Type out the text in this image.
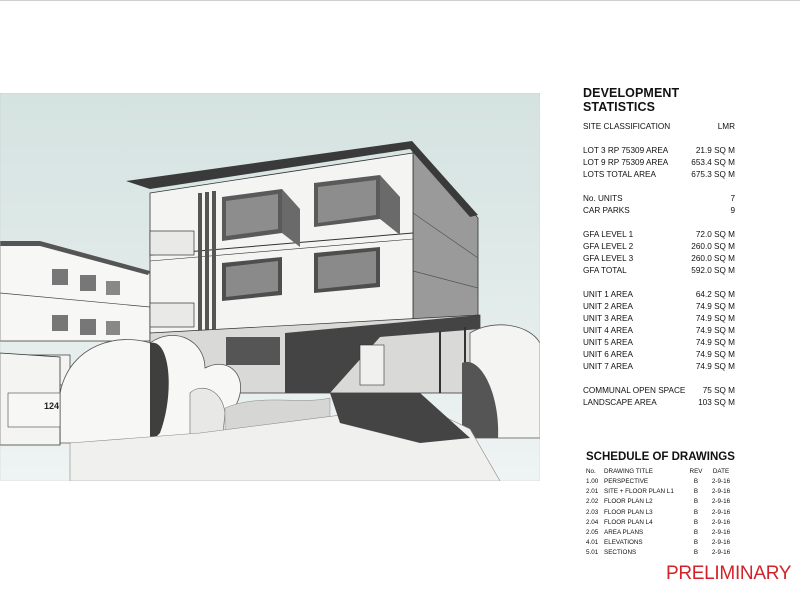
124
DEVELOPMENT STATISTICS
SITE CLASSIFICATION	LMR
LOT 3 RP 75309 AREA	21.9 SQ M
LOT 9 RP 75309 AREA	653.4 SQ M
LOTS TOTAL AREA	675.3 SQ M
No. UNITS	7
CAR PARKS	9
GFA LEVEL 1	72.0 SQ M
GFA LEVEL 2	260.0 SQ M
GFA LEVEL 3	260.0 SQ M
GFA TOTAL	592.0 SQ M
UNIT 1 AREA	64.2 SQ M
UNIT 2 AREA	74.9 SQ M
UNIT 3 AREA	74.9 SQ M
UNIT 4 AREA	74.9 SQ M
UNIT 5 AREA	74.9 SQ M
UNIT 6 AREA	74.9 SQ M
UNIT 7 AREA	74.9 SQ M
COMMUNAL OPEN SPACE	75 SQ M
LANDSCAPE AREA	103 SQ M
SCHEDULE OF DRAWINGS
No.	DRAWING TITLE	REV	DATE
1.00	PERSPECTIVE	B	2-9-16
2.01	SITE + FLOOR PLAN L1	B	2-9-16
2.02	FLOOR PLAN L2	B	2-9-16
2.03	FLOOR PLAN L3	B	2-9-16
2.04	FLOOR PLAN L4	B	2-9-16
2.05	AREA PLANS	B	2-9-16
4.01	ELEVATIONS	B	2-9-16
5.01	SECTIONS	B	2-9-16
PRELIMINARY
